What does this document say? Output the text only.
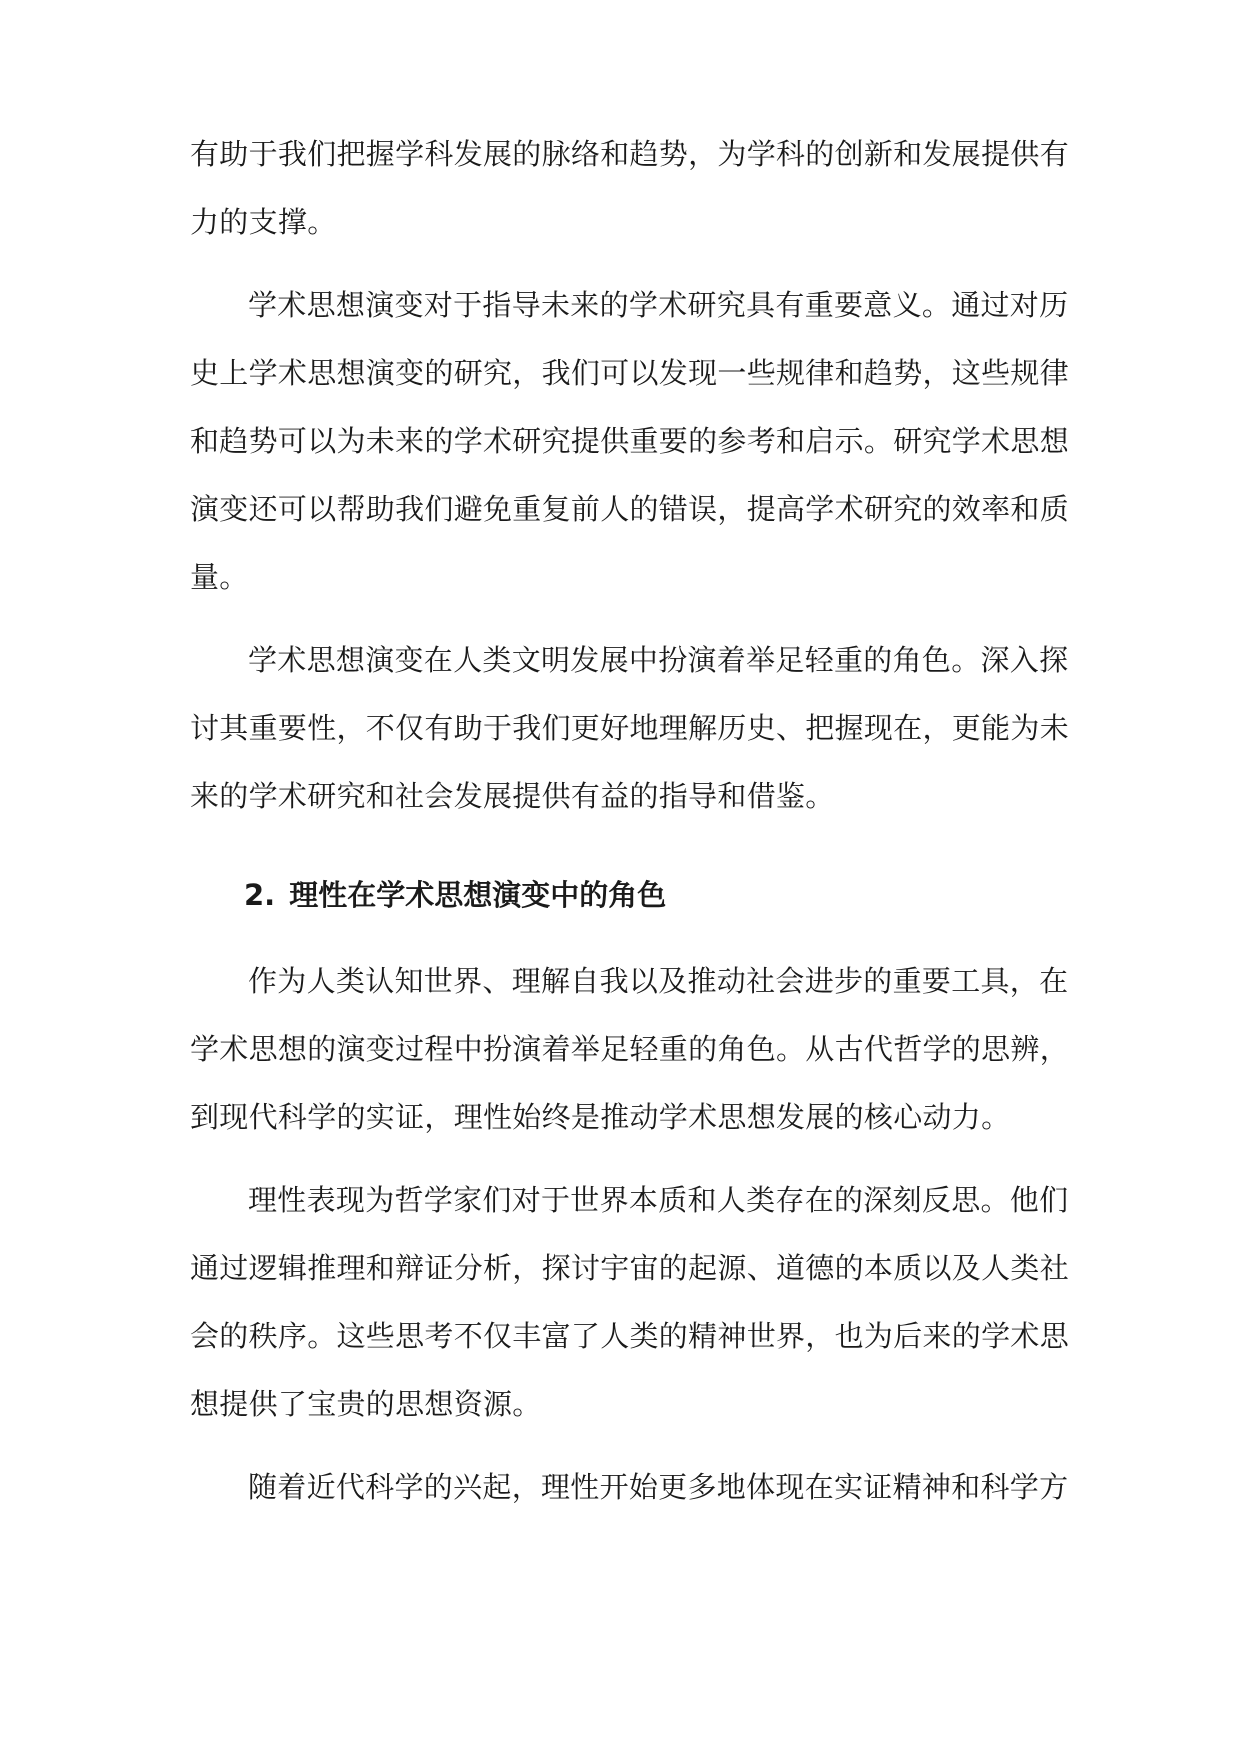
有助于我们把握学科发展的脉络和趋势，为学科的创新和发展提供有
力的支撑。
学术思想演变对于指导未来的学术研究具有重要意义。通过对历
史上学术思想演变的研究，我们可以发现一些规律和趋势，这些规律
和趋势可以为未来的学术研究提供重要的参考和启示。研究学术思想
演变还可以帮助我们避免重复前人的错误，提高学术研究的效率和质
量。
学术思想演变在人类文明发展中扮演着举足轻重的角色。深入探
讨其重要性，不仅有助于我们更好地理解历史、把握现在，更能为未
来的学术研究和社会发展提供有益的指导和借鉴。
2. 理性在学术思想演变中的角色
作为人类认知世界、理解自我以及推动社会进步的重要工具，在
学术思想的演变过程中扮演着举足轻重的角色。从古代哲学的思辨，
到现代科学的实证，理性始终是推动学术思想发展的核心动力。
理性表现为哲学家们对于世界本质和人类存在的深刻反思。他们
通过逻辑推理和辩证分析，探讨宇宙的起源、道德的本质以及人类社
会的秩序。这些思考不仅丰富了人类的精神世界，也为后来的学术思
想提供了宝贵的思想资源。
随着近代科学的兴起，理性开始更多地体现在实证精神和科学方
